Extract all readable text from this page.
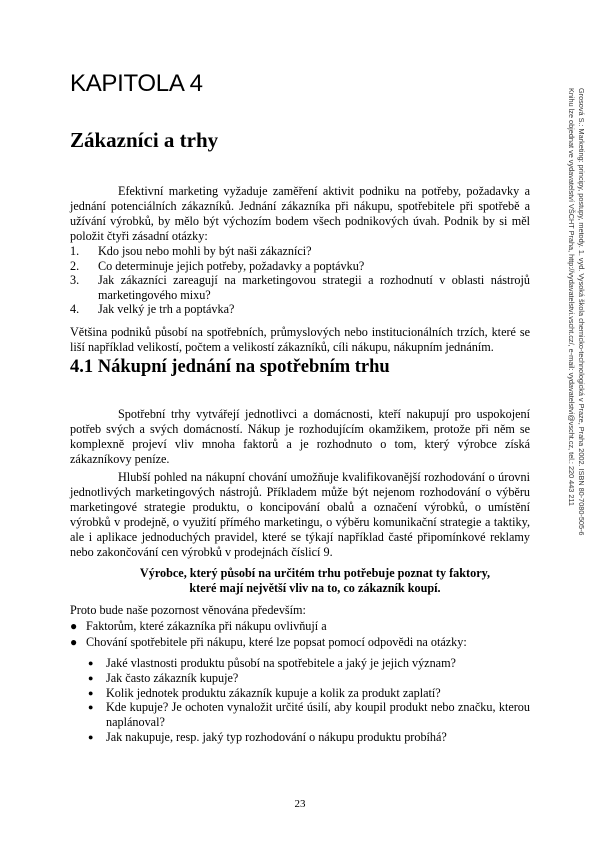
KAPITOLA 4
Zákazníci a trhy

Efektivní marketing vyžaduje zaměření aktivit podniku na potřeby, požadavky a jednání potenciálních zákazníků. Jednání zákazníka při nákupu, spotřebitele při spotřebě a užívání výrobků, by mělo být výchozím bodem všech podnikových úvah. Podnik by si měl položit čtyři zásadní otázky:

1.	Kdo jsou nebo mohli by být naši zákazníci?
2.	Co determinuje jejich potřeby, požadavky a poptávku?
3.	Jak zákazníci zareagují na marketingovou strategii a rozhodnutí v oblasti nástrojů marketingového mixu?
4.	Jak velký je trh a poptávka?

Většina podniků působí na spotřebních, průmyslových nebo institucionálních trzích, které se liší například velikostí, počtem a velikostí zákazníků, cíli nákupu, nákupním jednáním.

4.1 Nákupní jednání na spotřebním trhu

Spotřební trhy vytvářejí jednotlivci a domácnosti, kteří nakupují pro uspokojení potřeb svých a svých domácností. Nákup je rozhodujícím okamžikem, protože při něm se komplexně projeví vliv mnoha faktorů a je rozhodnuto o tom, který výrobce získá zákazníkovy peníze.

Hlubší pohled na nákupní chování umožňuje kvalifikovanější rozhodování o úrovni jednotlivých marketingových nástrojů. Příkladem může být nejenom rozhodování o výběru marketingové strategie produktu, o koncipování obalů a označení výrobků, o umístění výrobků v prodejně, o využití přímého marketingu, o výběru komunikační strategie a taktiky, ale i aplikace jednoduchých pravidel, které se týkají například časté připomínkové reklamy nebo zakončování cen výrobků v prodejnách číslicí 9.

Výrobce, který působí na určitém trhu potřebuje poznat ty faktory, které mají největší vliv na to, co zákazník koupí.

Proto bude naše pozornost věnována především:

● Faktorům, které zákazníka při nákupu ovlivňují a
● Chování spotřebitele při nákupu, které lze popsat pomocí odpovědi na otázky:
●	Jaké vlastnosti produktu působí na spotřebitele a jaký je jejich význam?
●	Jak často zákazník kupuje?
●	Kolik jednotek produktu zákazník kupuje a kolik za produkt zaplatí?
●	Kde kupuje? Je ochoten vynaložit určité úsilí, aby koupil produkt nebo značku, kterou naplánoval?
●	Jak nakupuje, resp. jaký typ rozhodování o nákupu produktu probíhá?
23
Grosová S.: Marketing: principy, postupy, metody. 1. vyd. Vysoká škola chemicko-technologická v Praze, Praha 2002. ISBN 80-7080-505-6
Knihu lze objednat ve vydavatelství VŠCHT Praha, http://vydavatelstvi.vscht.cz/, e-mail: vydavatelstvi@vscht.cz, tel.: 220 443 211
